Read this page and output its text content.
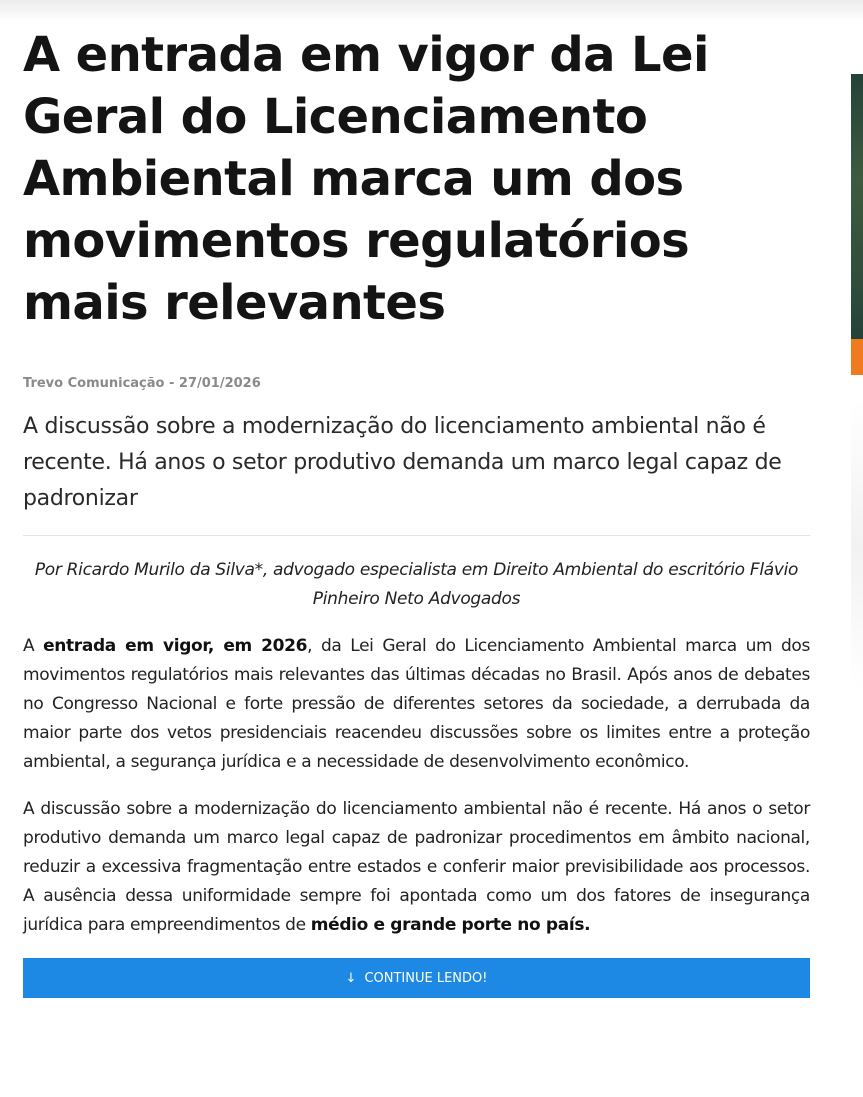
A entrada em vigor da Lei Geral do Licenciamento Ambiental marca um dos movimentos regulatórios mais relevantes
Trevo Comunicação - 27/01/2026

A discussão sobre a modernização do licenciamento ambiental não é recente. Há anos o setor produtivo demanda um marco legal capaz de padronizar

Por Ricardo Murilo da Silva*, advogado especialista em Direito Ambiental do escritório Flávio Pinheiro Neto Advogados

A entrada em vigor, em 2026, da Lei Geral do Licenciamento Ambiental marca um dos movimentos regulatórios mais relevantes das últimas décadas no Brasil. Após anos de debates no Congresso Nacional e forte pressão de diferentes setores da sociedade, a derrubada da maior parte dos vetos presidenciais reacendeu discussões sobre os limites entre a proteção ambiental, a segurança jurídica e a necessidade de desenvolvimento econômico.

A discussão sobre a modernização do licenciamento ambiental não é recente. Há anos o setor produtivo demanda um marco legal capaz de padronizar procedimentos em âmbito nacional, reduzir a excessiva fragmentação entre estados e conferir maior previsibilidade aos processos. A ausência dessa uniformidade sempre foi apontada como um dos fatores de insegurança jurídica para empreendimentos de médio e grande porte no país.

↓ CONTINUE LENDO!
